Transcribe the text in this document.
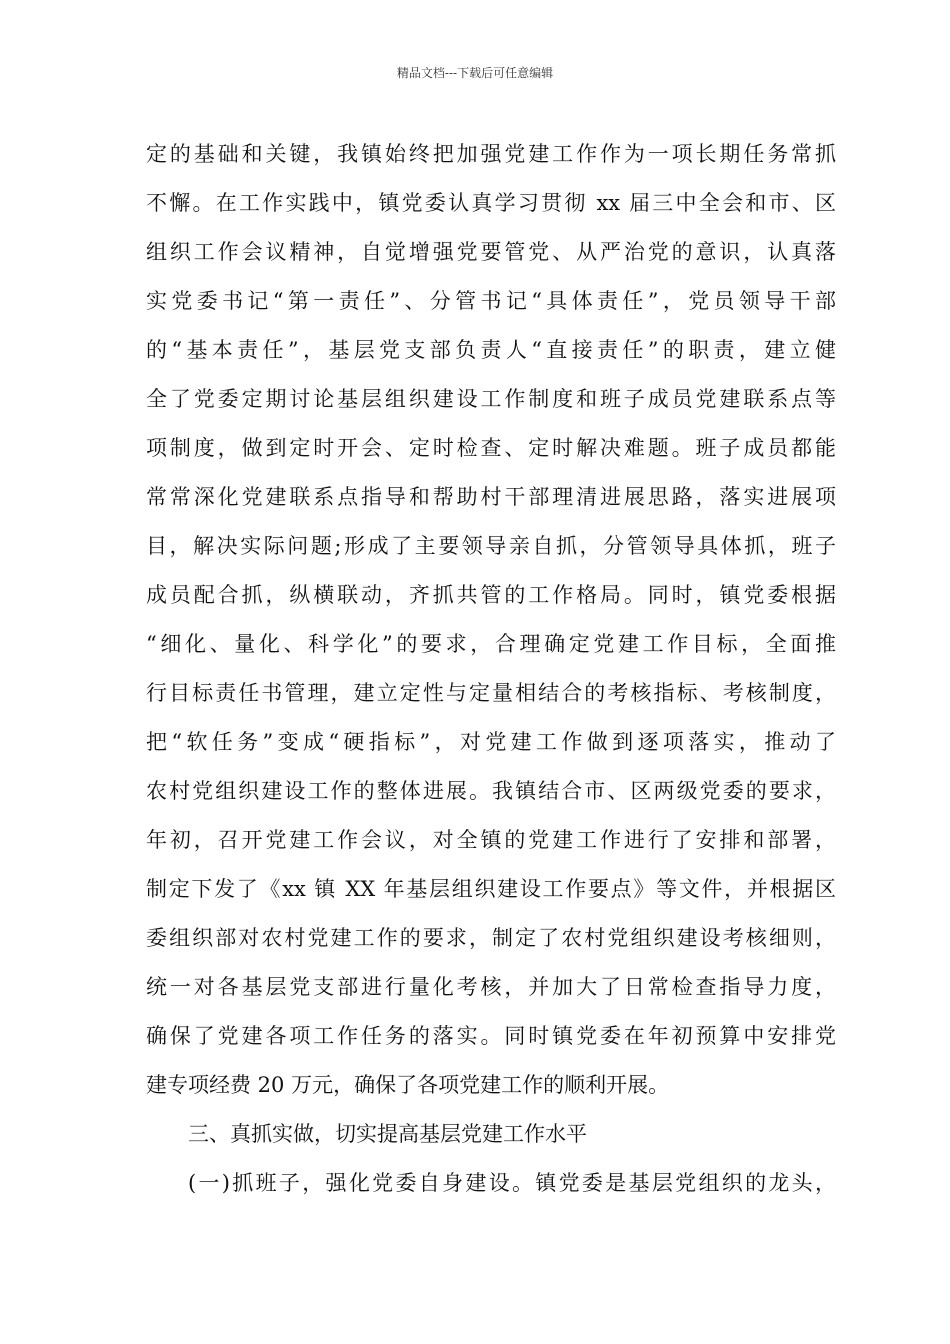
精品文档---下载后可任意编辑
定的基础和关键，我镇始终把加强党建工作作为一项长期任务常抓
不懈。在工作实践中，镇党委认真学习贯彻 xx 届三中全会和市、区
组织工作会议精神，自觉增强党要管党、从严治党的意识，认真落
实党委书记“第一责任”、分管书记“具体责任”，党员领导干部
的“基本责任”，基层党支部负责人“直接责任”的职责，建立健
全了党委定期讨论基层组织建设工作制度和班子成员党建联系点等
项制度，做到定时开会、定时检查、定时解决难题。班子成员都能
常常深化党建联系点指导和帮助村干部理清进展思路，落实进展项
目，解决实际问题;形成了主要领导亲自抓，分管领导具体抓，班子
成员配合抓，纵横联动，齐抓共管的工作格局。同时，镇党委根据
“细化、量化、科学化”的要求，合理确定党建工作目标，全面推
行目标责任书管理，建立定性与定量相结合的考核指标、考核制度，
把“软任务”变成“硬指标”，对党建工作做到逐项落实，推动了
农村党组织建设工作的整体进展。我镇结合市、区两级党委的要求，
年初，召开党建工作会议，对全镇的党建工作进行了安排和部署，
制定下发了《xx 镇 XX 年基层组织建设工作要点》等文件，并根据区
委组织部对农村党建工作的要求，制定了农村党组织建设考核细则，
统一对各基层党支部进行量化考核，并加大了日常检查指导力度，
确保了党建各项工作任务的落实。同时镇党委在年初预算中安排党
建专项经费 20 万元，确保了各项党建工作的顺利开展。
三、真抓实做，切实提高基层党建工作水平
(一)抓班子，强化党委自身建设。镇党委是基层党组织的龙头，
